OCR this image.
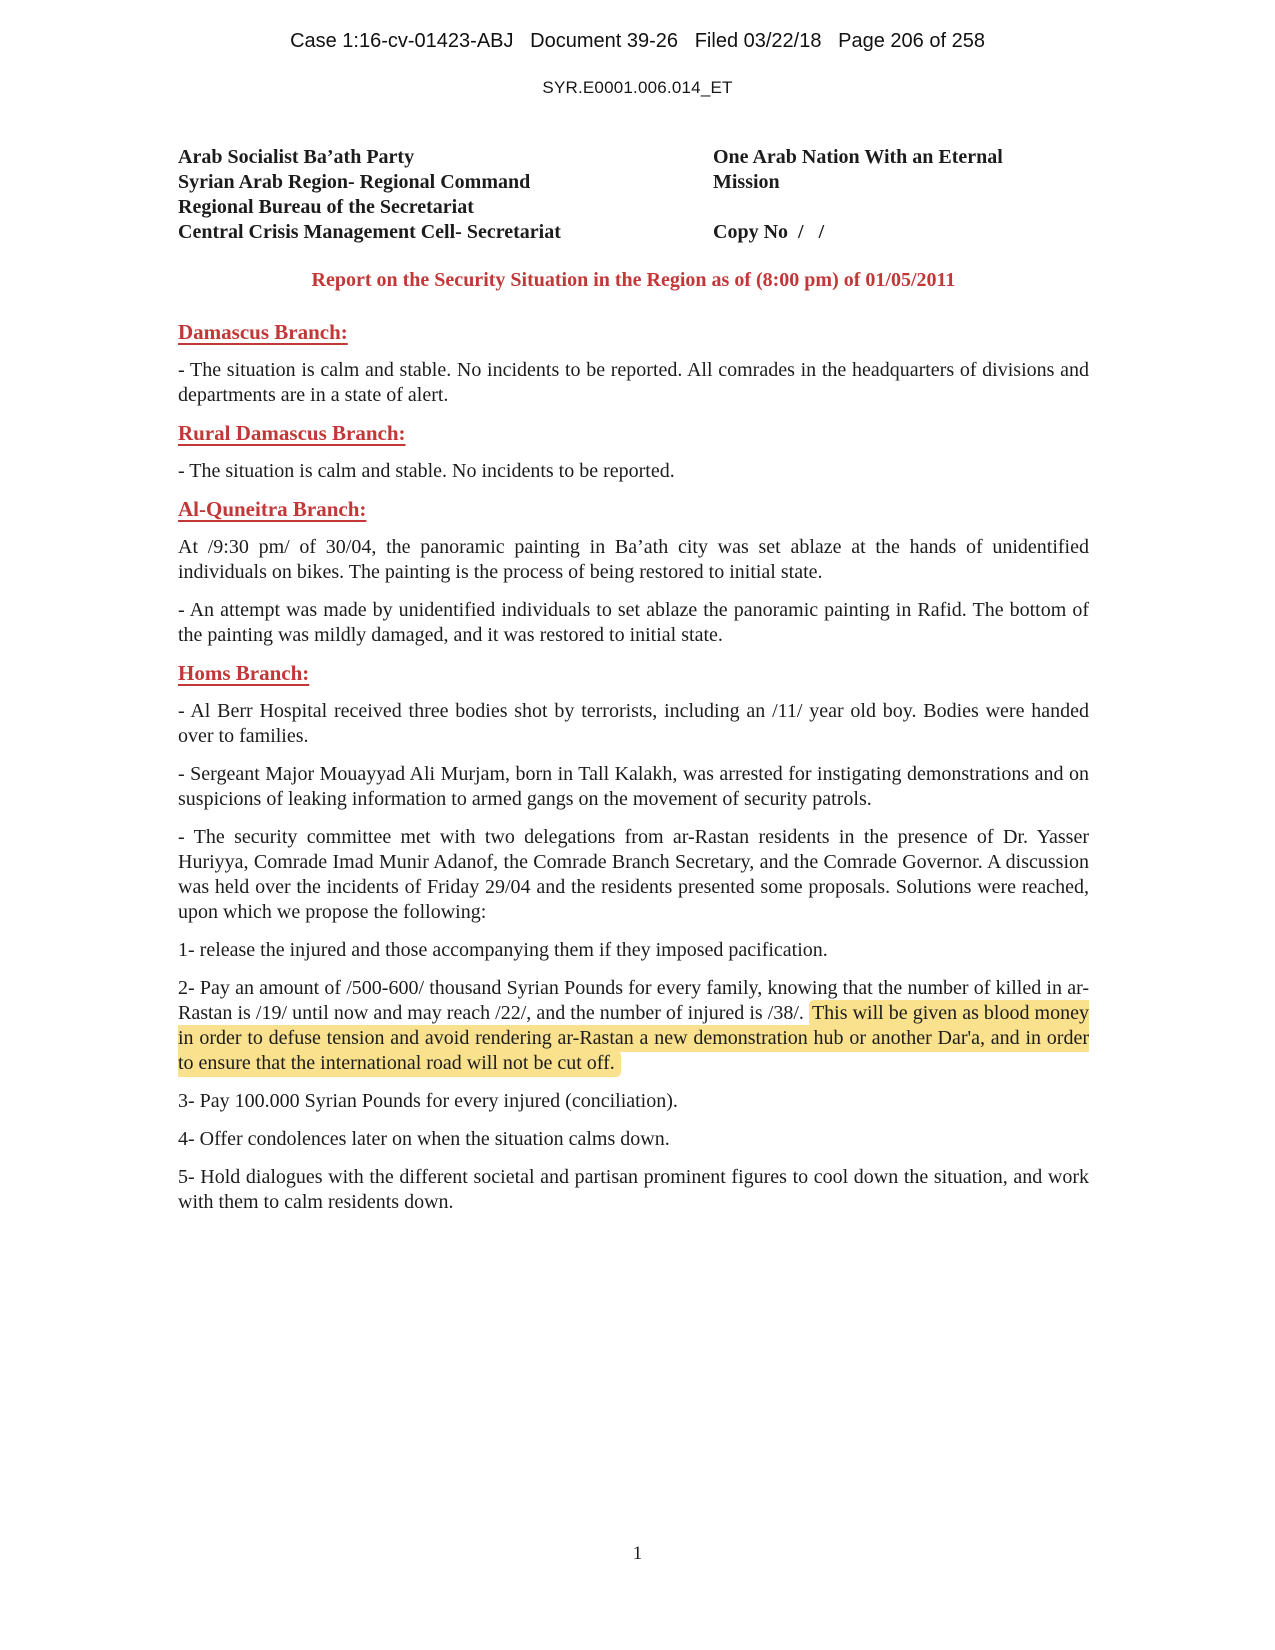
Case 1:16-cv-01423-ABJ   Document 39-26   Filed 03/22/18   Page 206 of 258
SYR.E0001.006.014_ET
Arab Socialist Ba’ath Party
Syrian Arab Region- Regional Command
Regional Bureau of the Secretariat
Central Crisis Management Cell- Secretariat
One Arab Nation With an Eternal Mission
Copy No  /   /
Report on the Security Situation in the Region as of (8:00 pm) of 01/05/2011
Damascus Branch:

- The situation is calm and stable. No incidents to be reported. All comrades in the headquarters of divisions and departments are in a state of alert.

Rural Damascus Branch:

- The situation is calm and stable. No incidents to be reported.

Al-Quneitra Branch:

At /9:30 pm/ of 30/04, the panoramic painting in Ba’ath city was set ablaze at the hands of unidentified individuals on bikes. The painting is the process of being restored to initial state.

- An attempt was made by unidentified individuals to set ablaze the panoramic painting in Rafid. The bottom of the painting was mildly damaged, and it was restored to initial state.

Homs Branch:

- Al Berr Hospital received three bodies shot by terrorists, including an /11/ year old boy. Bodies were handed over to families.

- Sergeant Major Mouayyad Ali Murjam, born in Tall Kalakh, was arrested for instigating demonstrations and on suspicions of leaking information to armed gangs on the movement of security patrols.

- The security committee met with two delegations from ar-Rastan residents in the presence of Dr. Yasser Huriyya, Comrade Imad Munir Adanof, the Comrade Branch Secretary, and the Comrade Governor. A discussion was held over the incidents of Friday 29/04 and the residents presented some proposals. Solutions were reached, upon which we propose the following:

1- release the injured and those accompanying them if they imposed pacification.

2- Pay an amount of /500-600/ thousand Syrian Pounds for every family, knowing that the number of killed in ar-Rastan is /19/ until now and may reach /22/, and the number of injured is /38/. This will be given as blood money in order to defuse tension and avoid rendering ar-Rastan a new demonstration hub or another Dar'a, and in order to ensure that the international road will not be cut off.

3- Pay 100.000 Syrian Pounds for every injured (conciliation).

4- Offer condolences later on when the situation calms down.

5- Hold dialogues with the different societal and partisan prominent figures to cool down the situation, and work with them to calm residents down.

1
